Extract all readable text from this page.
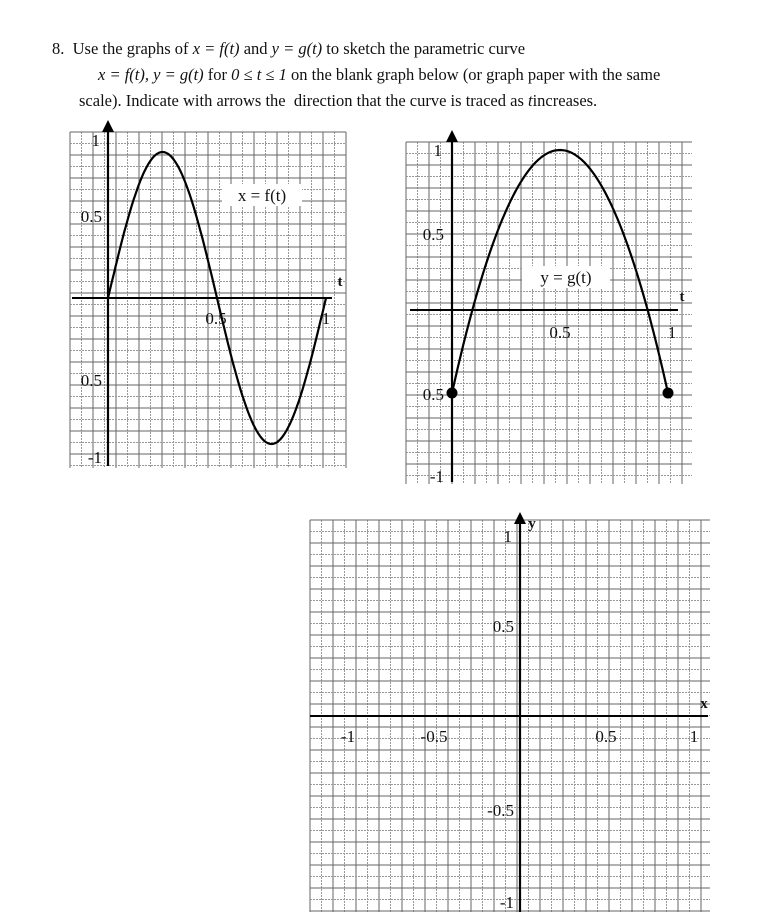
8. Use the graphs of x = f(t) and y = g(t) to sketch the parametric curve
x = f(t), y = g(t) for 0 ≤ t ≤ 1 on the blank graph below (or graph paper with the same
scale). Indicate with arrows the direction that the curve is traced as tincreases.
x = f(t)
1
0.5
0.5
-1
0.5	1
t	y = g(t)
1
0.5
0.5
-1
0.5	1
t
y
x
-1	-0.5	0.5	1
1
0.5
-0.5
-1
